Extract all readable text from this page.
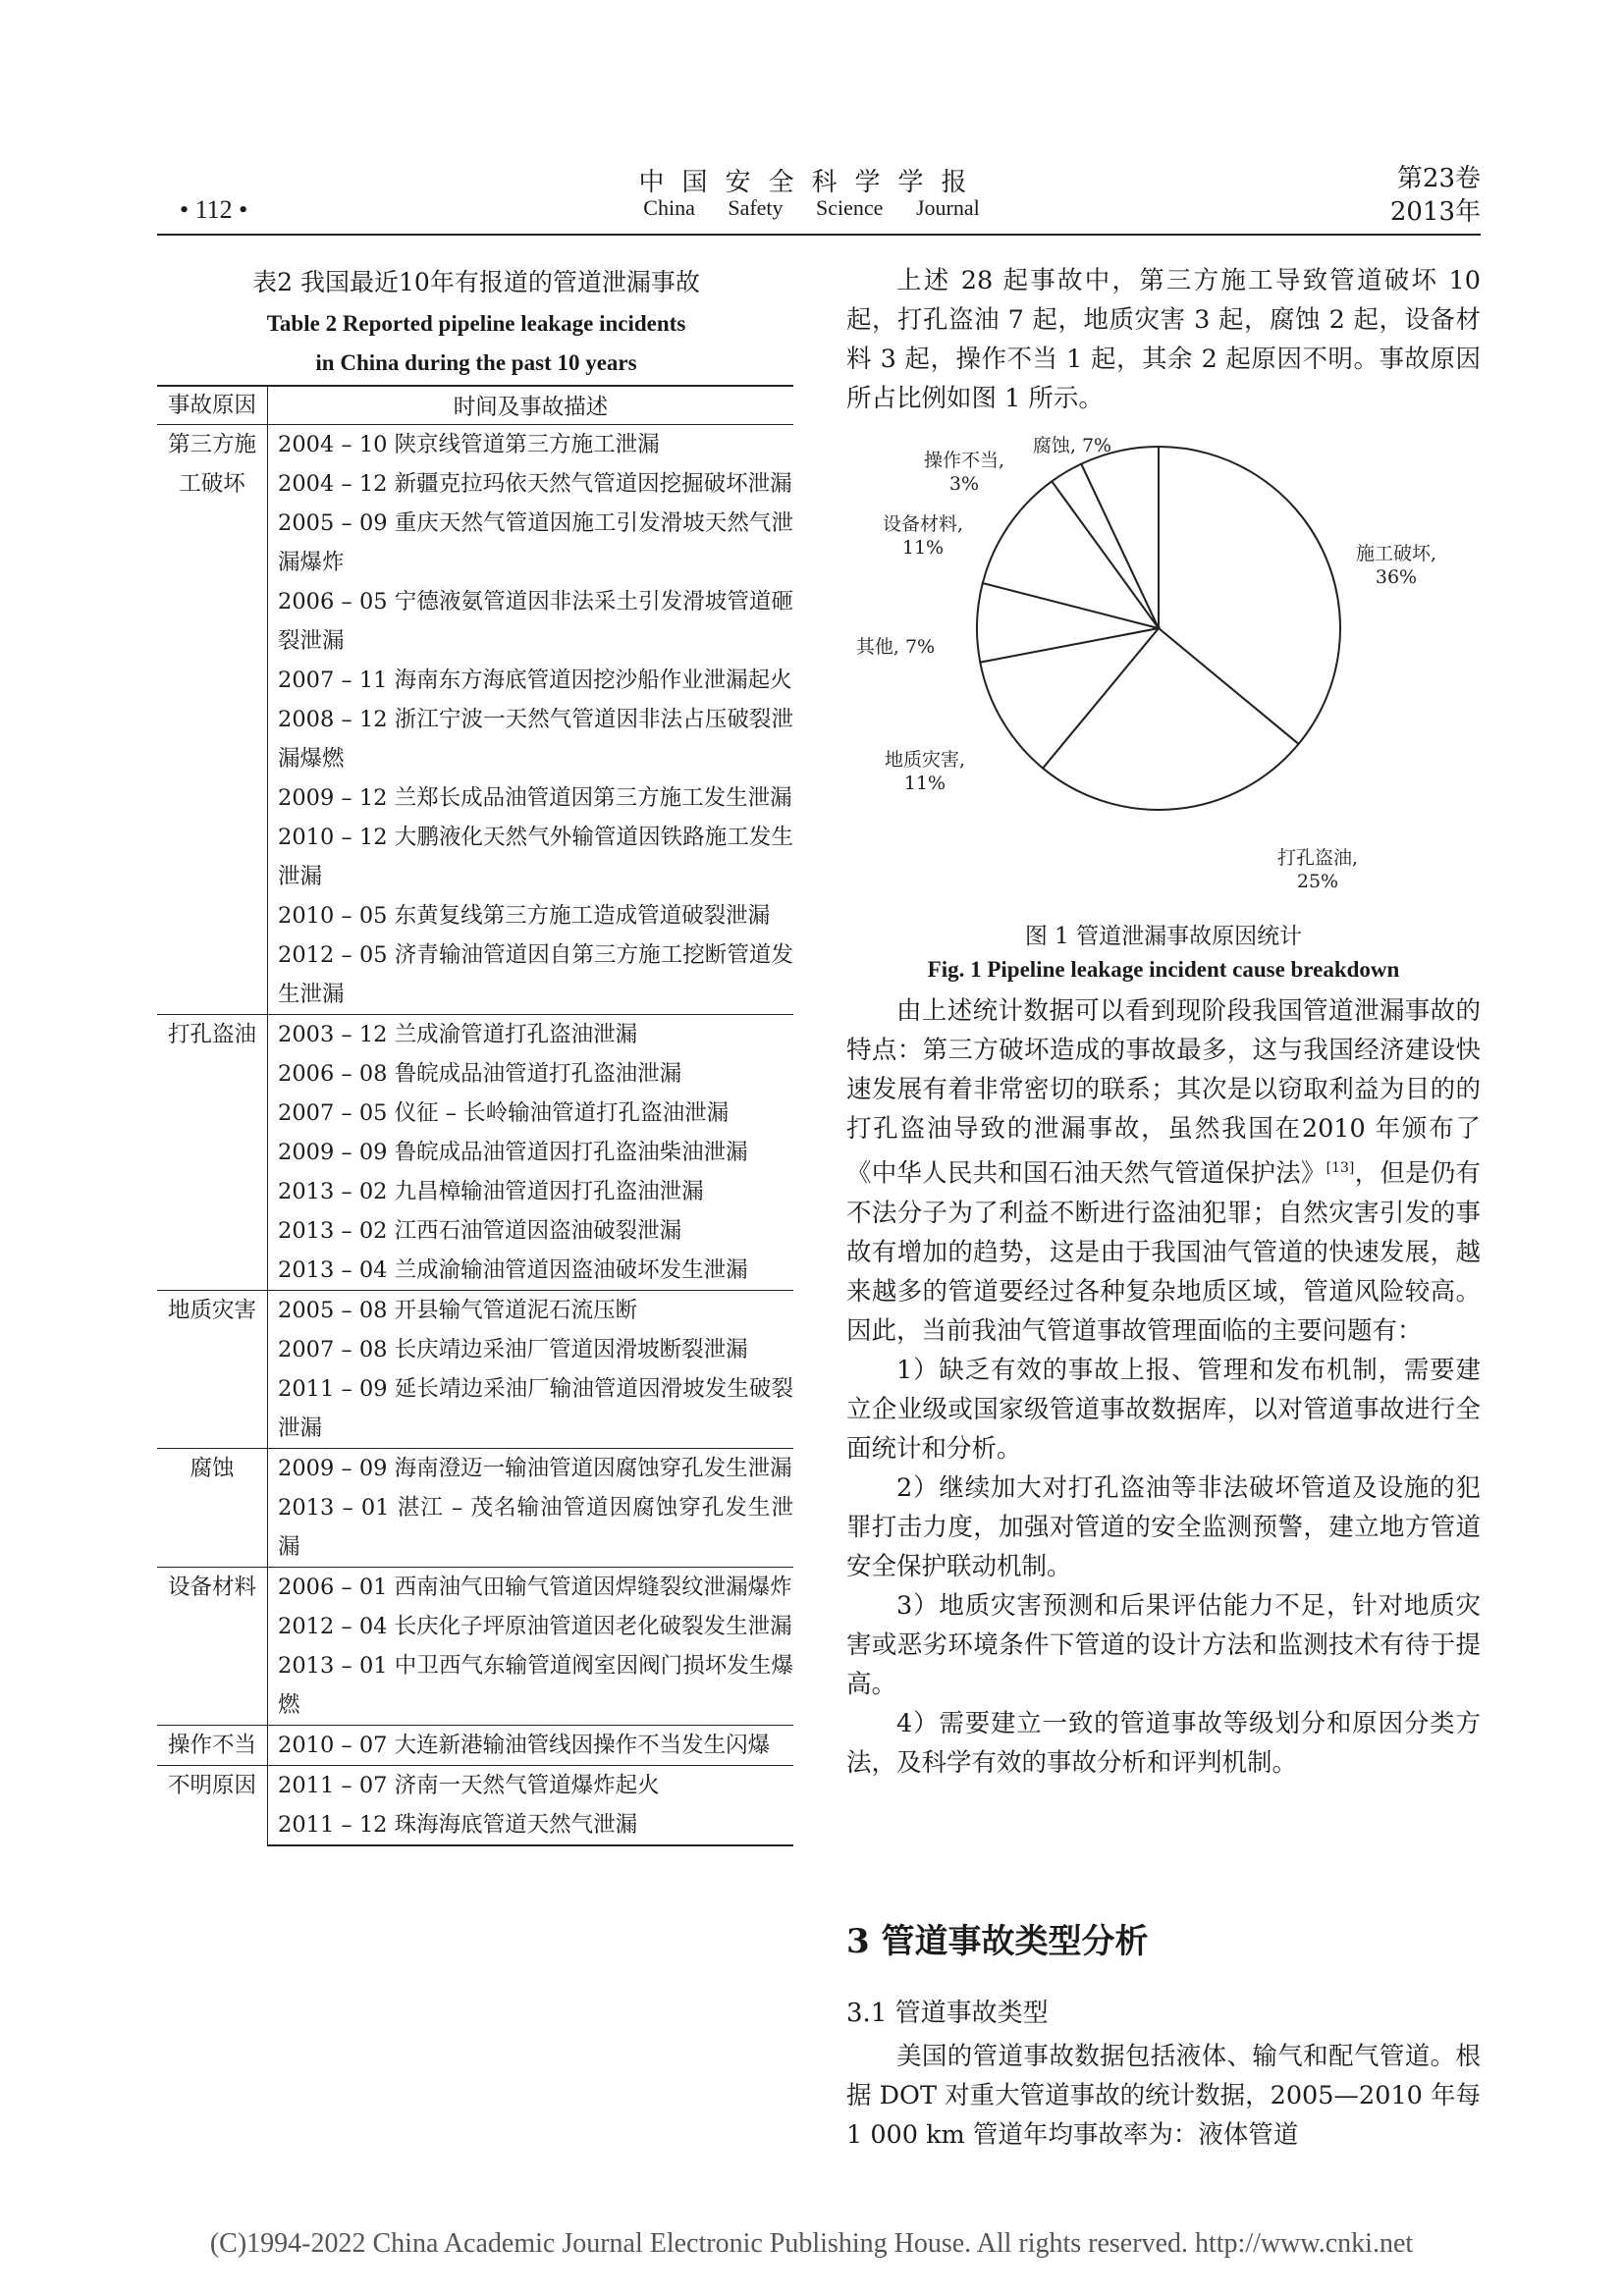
• 112 •
中国安全科学学报
China Safety Science Journal
第23卷
2013年
表2 我国最近10年有报道的管道泄漏事故
Table 2 Reported pipeline leakage incidents
in China during the past 10 years
事故原因	时间及事故描述

第三方施工破坏	2004 – 10 陕京线管道第三方施工泄漏
	2004 – 12 新疆克拉玛依天然气管道因挖掘破坏泄漏
	2005 – 09 重庆天然气管道因施工引发滑坡天然气泄漏爆炸
	2006 – 05 宁德液氨管道因非法采土引发滑坡管道砸裂泄漏
	2007 – 11 海南东方海底管道因挖沙船作业泄漏起火
	2008 – 12 浙江宁波一天然气管道因非法占压破裂泄漏爆燃
	2009 – 12 兰郑长成品油管道因第三方施工发生泄漏
	2010 – 12 大鹏液化天然气外输管道因铁路施工发生泄漏
	2010 – 05 东黄复线第三方施工造成管道破裂泄漏
	2012 – 05 济青输油管道因自第三方施工挖断管道发生泄漏

打孔盗油	2003 – 12 兰成渝管道打孔盗油泄漏
	2006 – 08 鲁皖成品油管道打孔盗油泄漏
	2007 – 05 仪征 – 长岭输油管道打孔盗油泄漏
	2009 – 09 鲁皖成品油管道因打孔盗油柴油泄漏
	2013 – 02 九昌樟输油管道因打孔盗油泄漏
	2013 – 02 江西石油管道因盗油破裂泄漏
	2013 – 04 兰成渝输油管道因盗油破坏发生泄漏

地质灾害	2005 – 08 开县输气管道泥石流压断
	2007 – 08 长庆靖边采油厂管道因滑坡断裂泄漏
	2011 – 09 延长靖边采油厂输油管道因滑坡发生破裂泄漏

腐蚀	2009 – 09 海南澄迈一输油管道因腐蚀穿孔发生泄漏
	2013 – 01 湛江 – 茂名输油管道因腐蚀穿孔发生泄漏

设备材料	2006 – 01 西南油气田输气管道因焊缝裂纹泄漏爆炸
	2012 – 04 长庆化子坪原油管道因老化破裂发生泄漏
	2013 – 01 中卫西气东输管道阀室因阀门损坏发生爆燃

操作不当	2010 – 07 大连新港输油管线因操作不当发生闪爆

不明原因	2011 – 07 济南一天然气管道爆炸起火
	2011 – 12 珠海海底管道天然气泄漏

上述 28 起事故中，第三方施工导致管道破坏 10 起，打孔盗油 7 起，地质灾害 3 起，腐蚀 2 起，设备材料 3 起，操作不当 1 起，其余 2 起原因不明。事故原因所占比例如图 1 所示。

施工破坏,
36%
打孔盗油,
25%
地质灾害,
11%
其他, 7%
设备材料,
11%
操作不当,
3%
腐蚀, 7%
图 1 管道泄漏事故原因统计
Fig. 1 Pipeline leakage incident cause breakdown

由上述统计数据可以看到现阶段我国管道泄漏事故的特点：第三方破坏造成的事故最多，这与我国经济建设快速发展有着非常密切的联系；其次是以窃取利益为目的的打孔盗油导致的泄漏事故，虽然我国在2010 年颁布了《中华人民共和国石油天然气管道保护法》[13]，但是仍有不法分子为了利益不断进行盗油犯罪；自然灾害引发的事故有增加的趋势，这是由于我国油气管道的快速发展，越来越多的管道要经过各种复杂地质区域，管道风险较高。因此，当前我油气管道事故管理面临的主要问题有：

1）缺乏有效的事故上报、管理和发布机制，需要建立企业级或国家级管道事故数据库，以对管道事故进行全面统计和分析。

2）继续加大对打孔盗油等非法破坏管道及设施的犯罪打击力度，加强对管道的安全监测预警，建立地方管道安全保护联动机制。

3）地质灾害预测和后果评估能力不足，针对地质灾害或恶劣环境条件下管道的设计方法和监测技术有待于提高。

4）需要建立一致的管道事故等级划分和原因分类方法，及科学有效的事故分析和评判机制。

3 管道事故类型分析
3.1 管道事故类型

美国的管道事故数据包括液体、输气和配气管道。根据 DOT 对重大管道事故的统计数据，2005—2010 年每 1 000 km 管道年均事故率为：液体管道

(C)1994-2022 China Academic Journal Electronic Publishing House. All rights reserved. http://www.cnki.net
